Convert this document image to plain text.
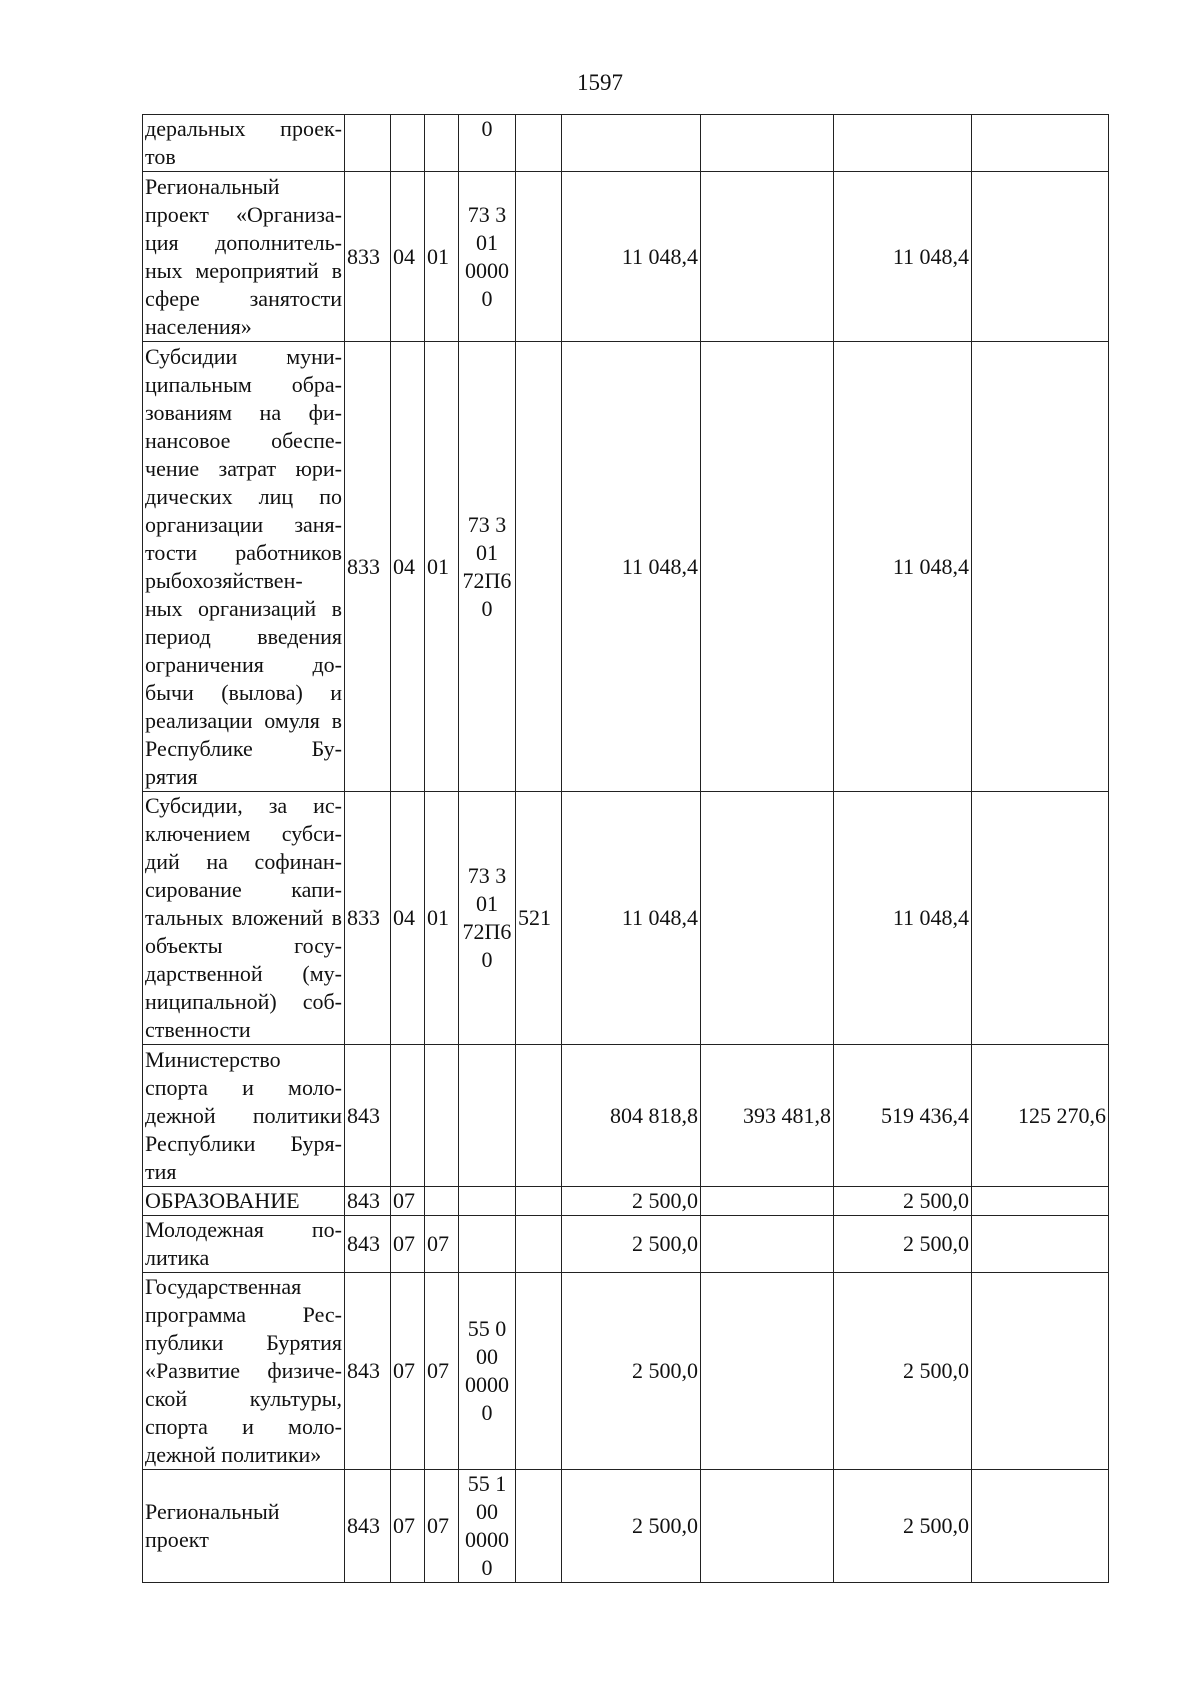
1597
деральных проек- тов				0					
Региональный проект «Организа- ция дополнитель- ных мероприятий в сфере занятости населения»	833	04	01	73 3 01 0000 0		11 048,4		11 048,4	
Субсидии муни- ципальным обра- зованиям на фи- нансовое обеспе- чение затрат юри- дических лиц по организации заня- тости работников рыбохозяйствен- ных организаций в период введения ограничения до- бычи (вылова) и реализации омуля в Республике Бу- рятия	833	04	01	73 3 01 72П6 0		11 048,4		11 048,4	
Субсидии, за ис- ключением субси- дий на софинан- сирование капи- тальных вложений в объекты госу- дарственной (му- ниципальной) соб- ственности	833	04	01	73 3 01 72П6 0	521	11 048,4		11 048,4	
Министерство спорта и моло- дежной политики Республики Буря- тия	843					804 818,8	393 481,8	519 436,4	125 270,6
ОБРАЗОВАНИЕ	843	07				2 500,0		2 500,0	
Молодежная по- литика	843	07	07			2 500,0		2 500,0	
Государственная программа Рес- публики Бурятия «Развитие физиче- ской культуры, спорта и моло- дежной политики»	843	07	07	55 0 00 0000 0		2 500,0		2 500,0	
Региональный проект	843	07	07	55 1 00 0000 0		2 500,0		2 500,0	
